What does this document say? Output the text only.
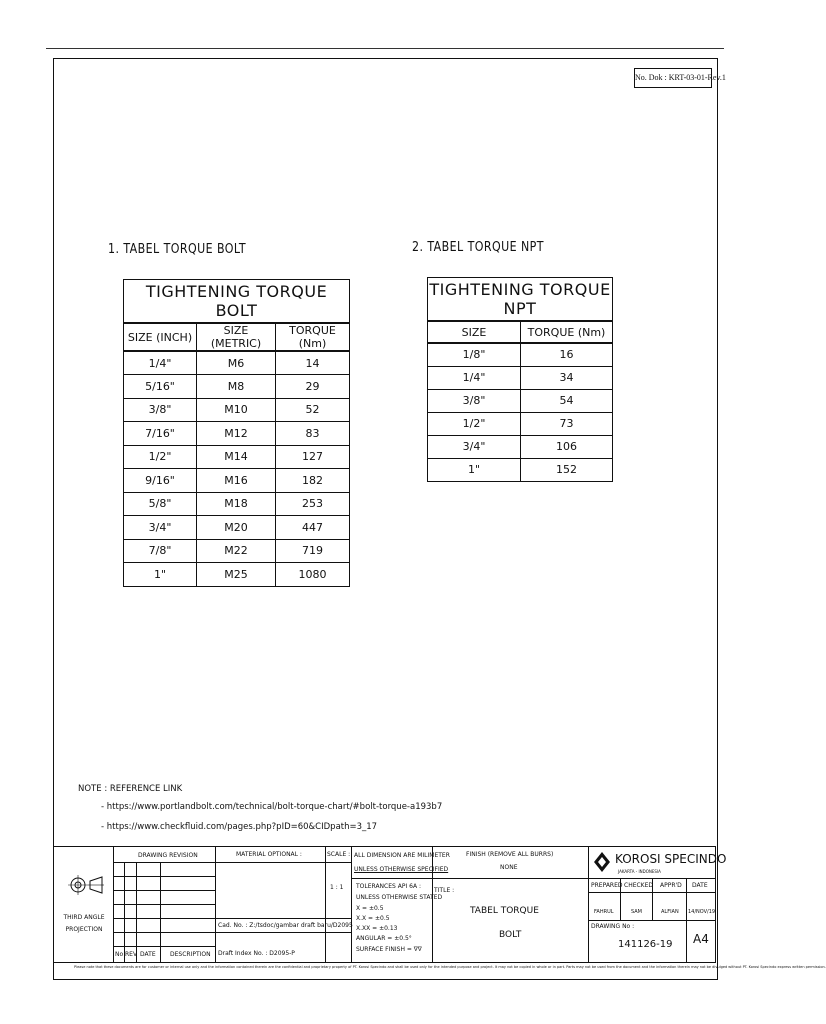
No. Dok : KRT-03-01-Rev.1
1. TABEL TORQUE BOLT	2. TABEL TORQUE NPT
TIGHTENING TORQUE BOLT		
SIZE (INCH)	SIZE (METRIC)	TORQUE (Nm)
1/4"	M6	14
5/16"	M8	29
3/8"	M10	52
7/16"	M12	83
1/2"	M14	127
9/16"	M16	182
5/8"	M18	253
3/4"	M20	447
7/8"	M22	719
1"	M25	1080
TIGHTENING TORQUE NPT	
SIZE	TORQUE (Nm)
1/8"	16
1/4"	34
3/8"	54
1/2"	73
3/4"	106
1"	152
NOTE : REFERENCE LINK
- https://www.portlandbolt.com/technical/bolt-torque-chart/#bolt-torque-a193b7
- https://www.checkfluid.com/pages.php?pID=60&CIDpath=3_17
THIRD ANGLE PROJECTION
DRAWING REVISION
No REV DATE DESCRIPTION
MATERIAL OPTIONAL :	SCALE :
1 : 1
Cad. No. : Z:/tsdoc/gambar draft baru/D2095
Draft Index No. : D2095-P
ALL DIMENSION ARE MILIMETER
UNLESS OTHERWISE SPECIFIED
TOLERANCES API 6A :
UNLESS OTHERWISE STATED
X = ±0.5
X.X = ±0.5
X.XX = ±0.13
ANGULAR = ±0.5°
SURFACE FINISH = ∇∇
FINISH (REMOVE ALL BURRS)
NONE
TITLE :
TABEL TORQUE
BOLT
KOROSI SPECINDO
JAKARTA - INDONESIA
PREPARED CHECKED APPR'D DATE
FAHRUL	SAM	ALFIAN 14/NOV/19
DRAWING No :
141126-19 A4
Please note that these documents are for customer or internal use only and the information contained therein are the confidential and proprietary property of PT. Korosi Specindo and shall be used only for the intended purpose and project. It may not be copied in whole or in part. Parts may not be used from the document and the information therein may not be divulged without PT. Korosi Specindo express written permission.
